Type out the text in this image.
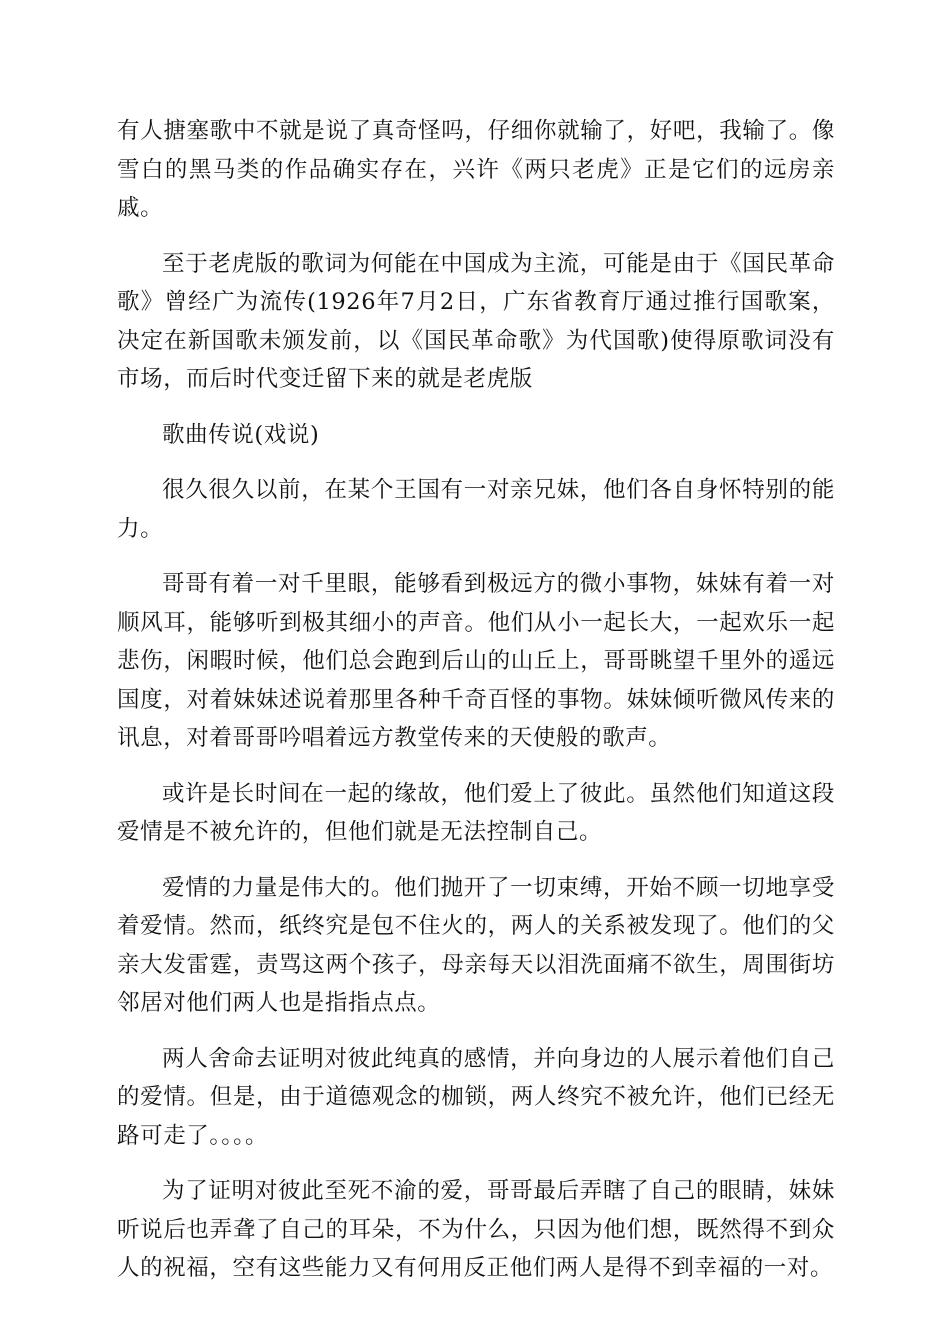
有人搪塞歌中不就是说了真奇怪吗，仔细你就输了，好吧，我输了。像雪白的黑马类的作品确实存在，兴许《两只老虎》正是它们的远房亲戚。

至于老虎版的歌词为何能在中国成为主流，可能是由于《国民革命歌》曾经广为流传(1926年7月2日，广东省教育厅通过推行国歌案，决定在新国歌未颁发前，以《国民革命歌》为代国歌)使得原歌词没有市场，而后时代变迁留下来的就是老虎版

歌曲传说(戏说)

很久很久以前，在某个王国有一对亲兄妹，他们各自身怀特别的能力。

哥哥有着一对千里眼，能够看到极远方的微小事物，妹妹有着一对顺风耳，能够听到极其细小的声音。他们从小一起长大，一起欢乐一起悲伤，闲暇时候，他们总会跑到后山的山丘上，哥哥眺望千里外的遥远国度，对着妹妹述说着那里各种千奇百怪的事物。妹妹倾听微风传来的讯息，对着哥哥吟唱着远方教堂传来的天使般的歌声。

或许是长时间在一起的缘故，他们爱上了彼此。虽然他们知道这段爱情是不被允许的，但他们就是无法控制自己。

爱情的力量是伟大的。他们抛开了一切束缚，开始不顾一切地享受着爱情。然而，纸终究是包不住火的，两人的关系被发现了。他们的父亲大发雷霆，责骂这两个孩子，母亲每天以泪洗面痛不欲生，周围街坊邻居对他们两人也是指指点点。

两人舍命去证明对彼此纯真的感情，并向身边的人展示着他们自己的爱情。但是，由于道德观念的枷锁，两人终究不被允许，他们已经无路可走了。。。。

为了证明对彼此至死不渝的爱，哥哥最后弄瞎了自己的眼睛，妹妹听说后也弄聋了自己的耳朵，不为什么，只因为他们想，既然得不到众人的祝福，空有这些能力又有何用反正他们两人是得不到幸福的一对。
